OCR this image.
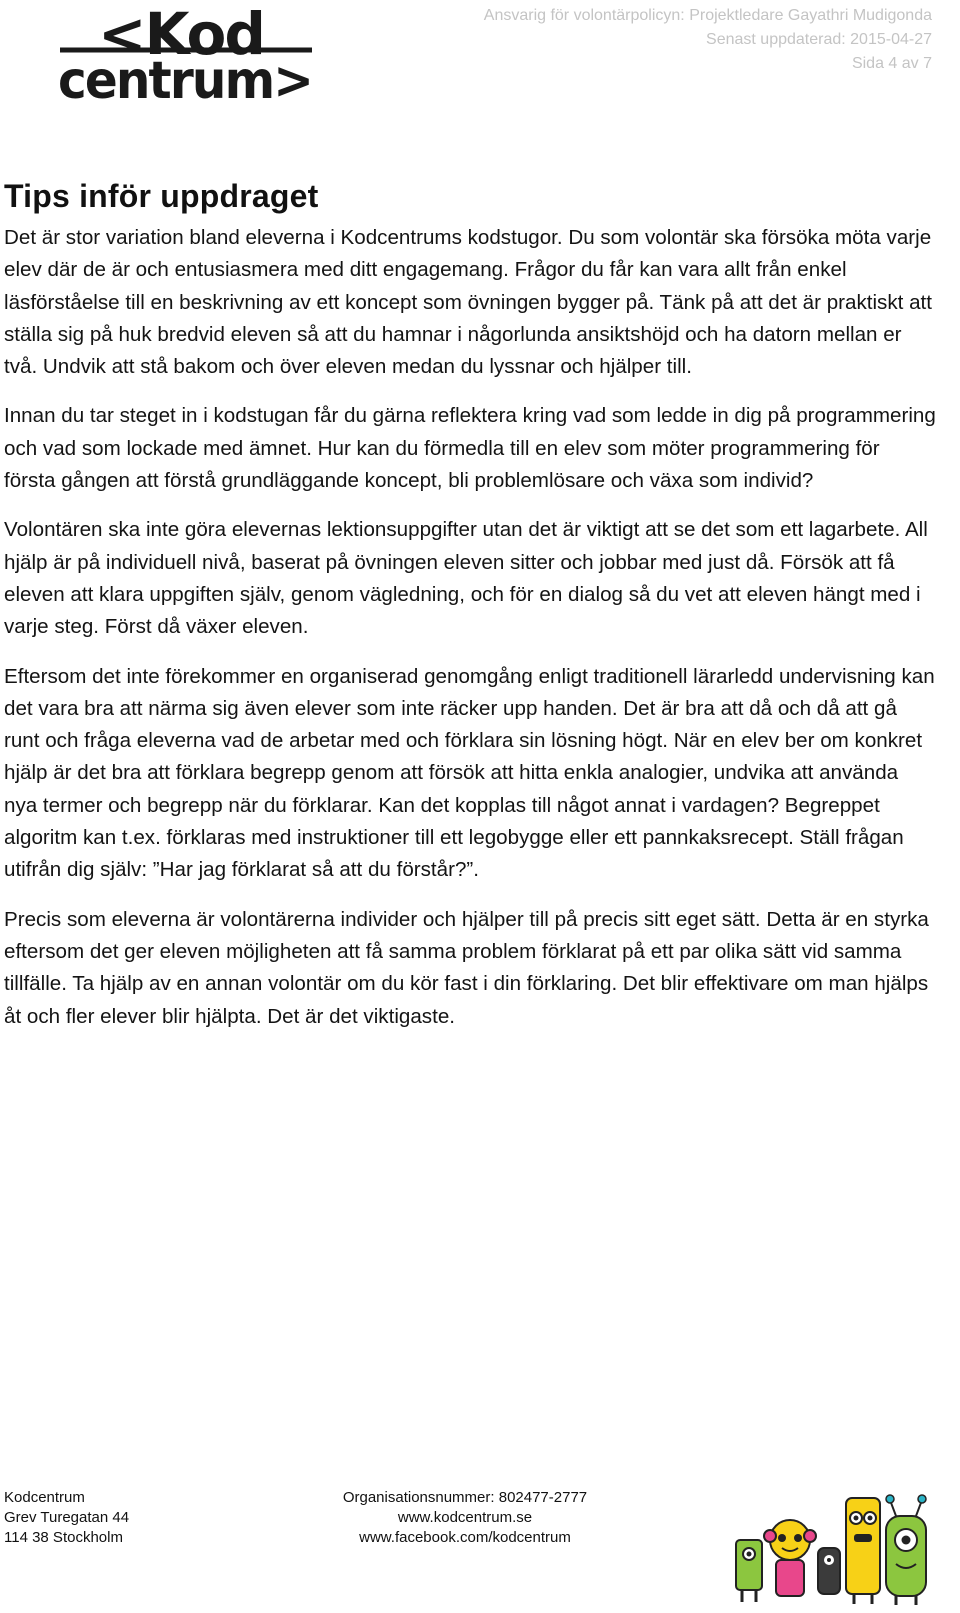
<Kod
centrum>
Ansvarig för volontärpolicyn: Projektledare Gayathri Mudigonda
Senast uppdaterad: 2015-04-27
Sida 4 av 7
Tips inför uppdraget

Det är stor variation bland eleverna i Kodcentrums kodstugor. Du som volontär ska försöka möta varje elev där de är och entusiasmera med ditt engagemang. Frågor du får kan vara allt från enkel läsförståelse till en beskrivning av ett koncept som övningen bygger på. Tänk på att det är praktiskt att ställa sig på huk bredvid eleven så att du hamnar i någorlunda ansiktshöjd och ha datorn mellan er två. Undvik att stå bakom och över eleven medan du lyssnar och hjälper till.

Innan du tar steget in i kodstugan får du gärna reflektera kring vad som ledde in dig på programmering och vad som lockade med ämnet. Hur kan du förmedla till en elev som möter programmering för första gången att förstå grundläggande koncept, bli problemlösare och växa som individ?

Volontären ska inte göra elevernas lektionsuppgifter utan det är viktigt att se det som ett lagarbete. All hjälp är på individuell nivå, baserat på övningen eleven sitter och jobbar med just då. Försök att få eleven att klara uppgiften själv, genom vägledning, och för en dialog så du vet att eleven hängt med i varje steg. Först då växer eleven.

Eftersom det inte förekommer en organiserad genomgång enligt traditionell lärarledd undervisning kan det vara bra att närma sig även elever som inte räcker upp handen. Det är bra att då och då att gå runt och fråga eleverna vad de arbetar med och förklara sin lösning högt. När en elev ber om konkret hjälp är det bra att förklara begrepp genom att försök att hitta enkla analogier, undvika att använda nya termer och begrepp när du förklarar. Kan det kopplas till något annat i vardagen? Begreppet algoritm kan t.ex. förklaras med instruktioner till ett legobygge eller ett pannkaksrecept. Ställ frågan utifrån dig själv: ”Har jag förklarat så att du förstår?”.

Precis som eleverna är volontärerna individer och hjälper till på precis sitt eget sätt. Detta är en styrka eftersom det ger eleven möjligheten att få samma problem förklarat på ett par olika sätt vid samma tillfälle. Ta hjälp av en annan volontär om du kör fast i din förklaring. Det blir effektivare om man hjälps åt och fler elever blir hjälpta. Det är det viktigaste.

Kodcentrum
Grev Turegatan 44
114 38 Stockholm
Organisationsnummer: 802477-2777
www.kodcentrum.se
www.facebook.com/kodcentrum
